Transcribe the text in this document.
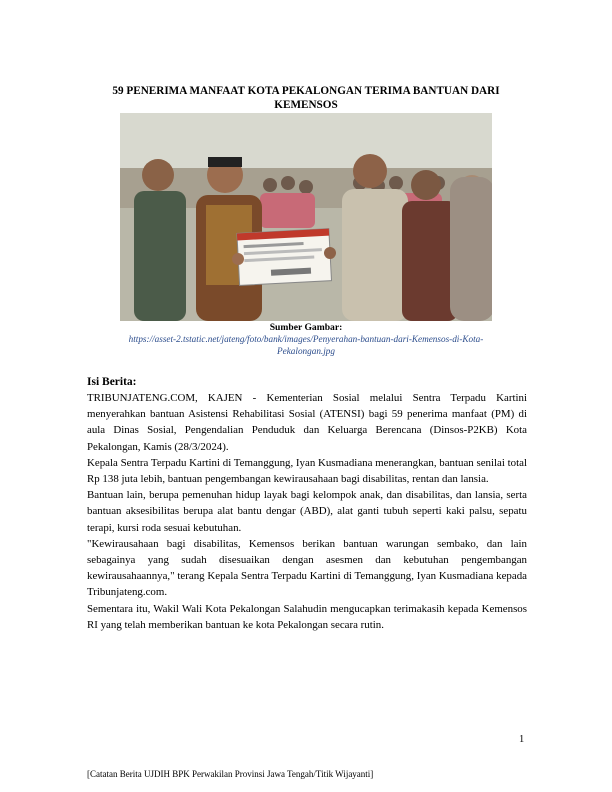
59 PENERIMA MANFAAT KOTA PEKALONGAN TERIMA BANTUAN DARI KEMENSOS
Sumber Gambar:
https://asset-2.tstatic.net/jateng/foto/bank/images/Penyerahan-bantuan-dari-Kemensos-di-Kota-Pekalongan.jpg
Isi Berita:

TRIBUNJATENG.COM, KAJEN - Kementerian Sosial melalui Sentra Terpadu Kartini menyerahkan bantuan Asistensi Rehabilitasi Sosial (ATENSI) bagi 59 penerima manfaat (PM) di aula Dinas Sosial, Pengendalian Penduduk dan Keluarga Berencana (Dinsos-P2KB) Kota Pekalongan, Kamis (28/3/2024).

Kepala Sentra Terpadu Kartini di Temanggung, Iyan Kusmadiana menerangkan, bantuan senilai total Rp 138 juta lebih, bantuan pengembangan kewirausahaan bagi disabilitas, rentan dan lansia.

Bantuan lain, berupa pemenuhan hidup layak bagi kelompok anak, dan disabilitas, dan lansia, serta bantuan aksesibilitas berupa alat bantu dengar (ABD), alat ganti tubuh seperti kaki palsu, sepatu terapi, kursi roda sesuai kebutuhan.

"Kewirausahaan bagi disabilitas, Kemensos berikan bantuan warungan sembako, dan lain sebagainya yang sudah disesuaikan dengan asesmen dan kebutuhan pengembangan kewirausahaannya," terang Kepala Sentra Terpadu Kartini di Temanggung, Iyan Kusmadiana kepada Tribunjateng.com.

Sementara itu, Wakil Wali Kota Pekalongan Salahudin mengucapkan terimakasih kepada Kemensos RI yang telah memberikan bantuan ke kota Pekalongan secara rutin.

1
[Catatan Berita UJDIH BPK Perwakilan Provinsi Jawa Tengah/Titik Wijayanti]
